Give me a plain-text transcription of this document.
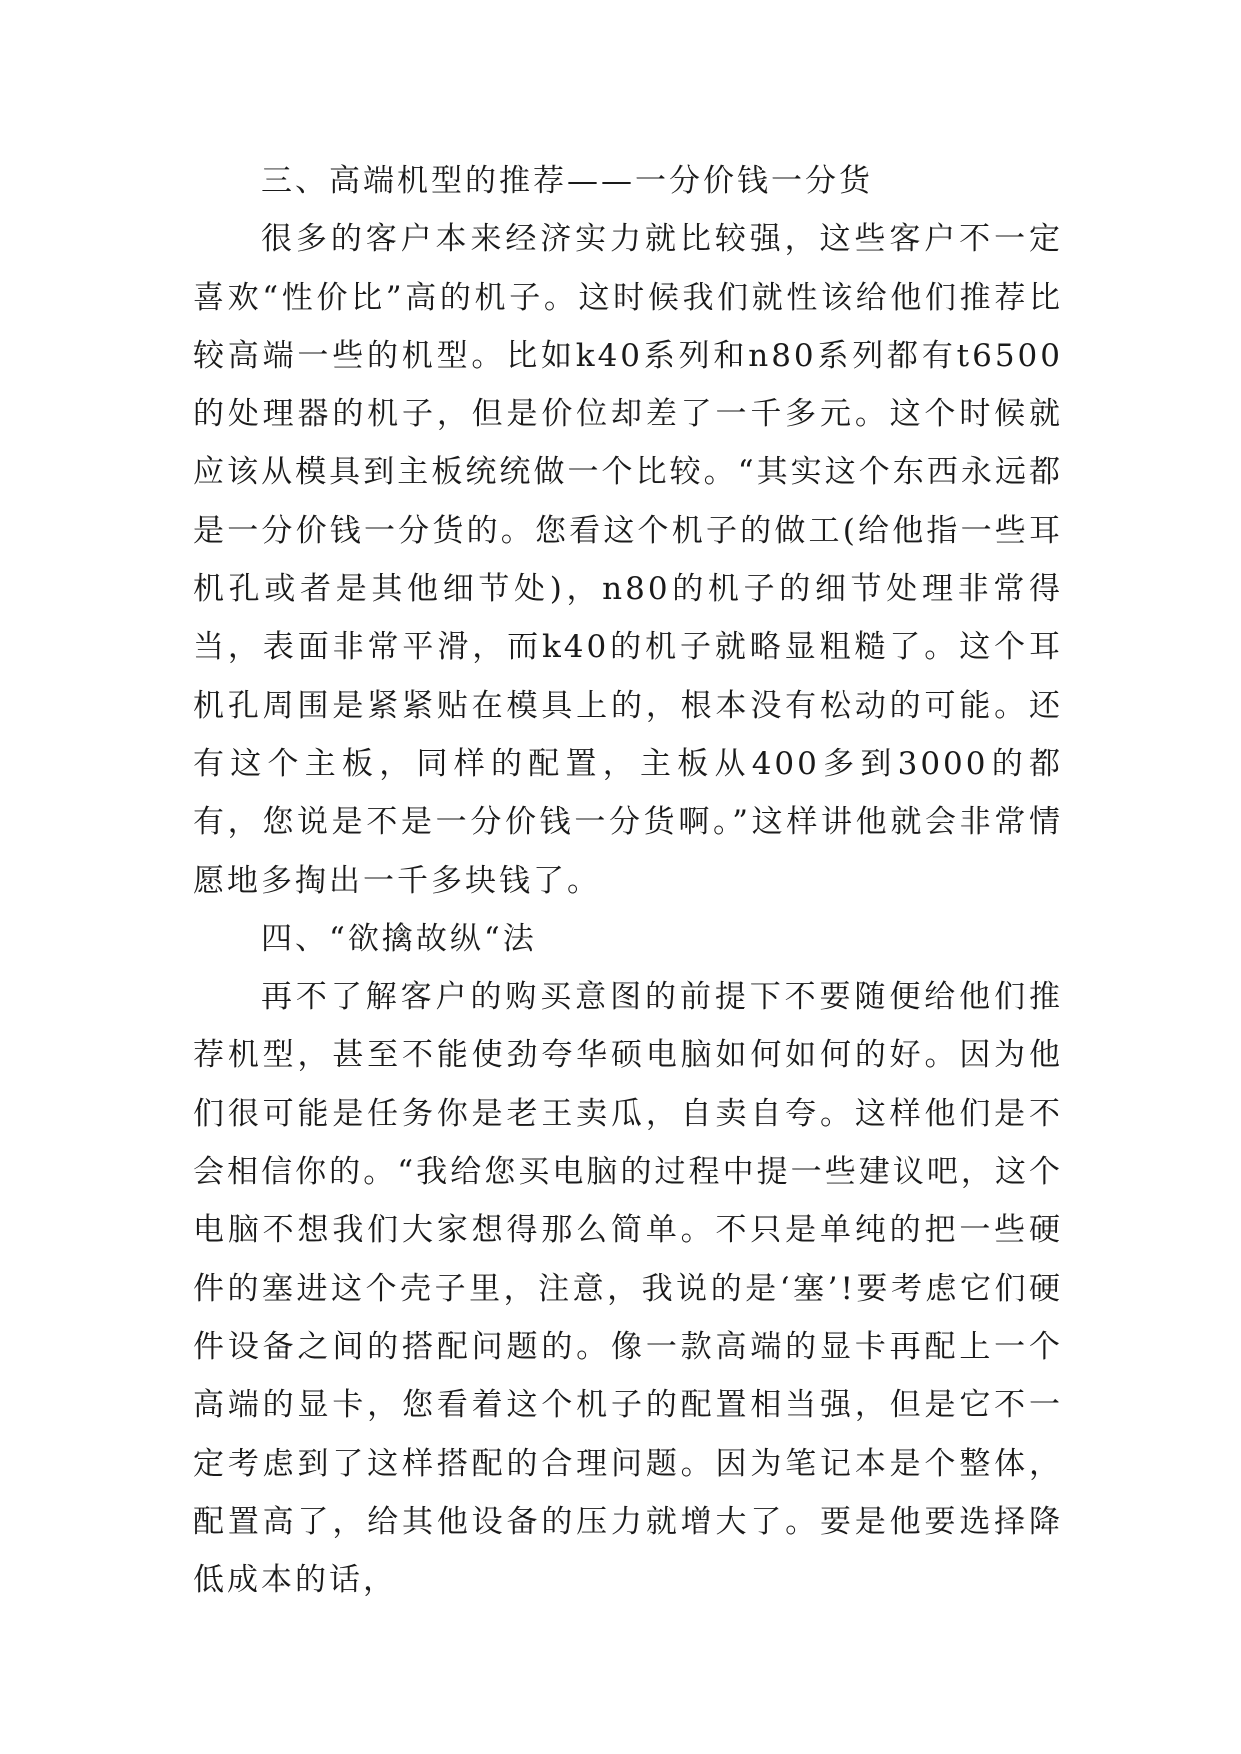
三、高端机型的推荐——一分价钱一分货

很多的客户本来经济实力就比较强，这些客户不一定喜欢“性价比”高的机子。这时候我们就性该给他们推荐比较高端一些的机型。比如k40系列和n80系列都有t6500的处理器的机子，但是价位却差了一千多元。这个时候就应该从模具到主板统统做一个比较。“其实这个东西永远都是一分价钱一分货的。您看这个机子的做工(给他指一些耳机孔或者是其他细节处)，n80的机子的细节处理非常得当，表面非常平滑，而k40的机子就略显粗糙了。这个耳机孔周围是紧紧贴在模具上的，根本没有松动的可能。还有这个主板，同样的配置，主板从400多到3000的都有，您说是不是一分价钱一分货啊。”这样讲他就会非常情愿地多掏出一千多块钱了。

四、“欲擒故纵“法

再不了解客户的购买意图的前提下不要随便给他们推荐机型，甚至不能使劲夸华硕电脑如何如何的好。因为他们很可能是任务你是老王卖瓜，自卖自夸。这样他们是不会相信你的。“我给您买电脑的过程中提一些建议吧，这个电脑不想我们大家想得那么简单。不只是单纯的把一些硬件的塞进这个壳子里，注意，我说的是‘塞’!要考虑它们硬件设备之间的搭配问题的。像一款高端的显卡再配上一个高端的显卡，您看着这个机子的配置相当强，但是它不一定考虑到了这样搭配的合理问题。因为笔记本是个整体，配置高了，给其他设备的压力就增大了。要是他要选择降低成本的话，
